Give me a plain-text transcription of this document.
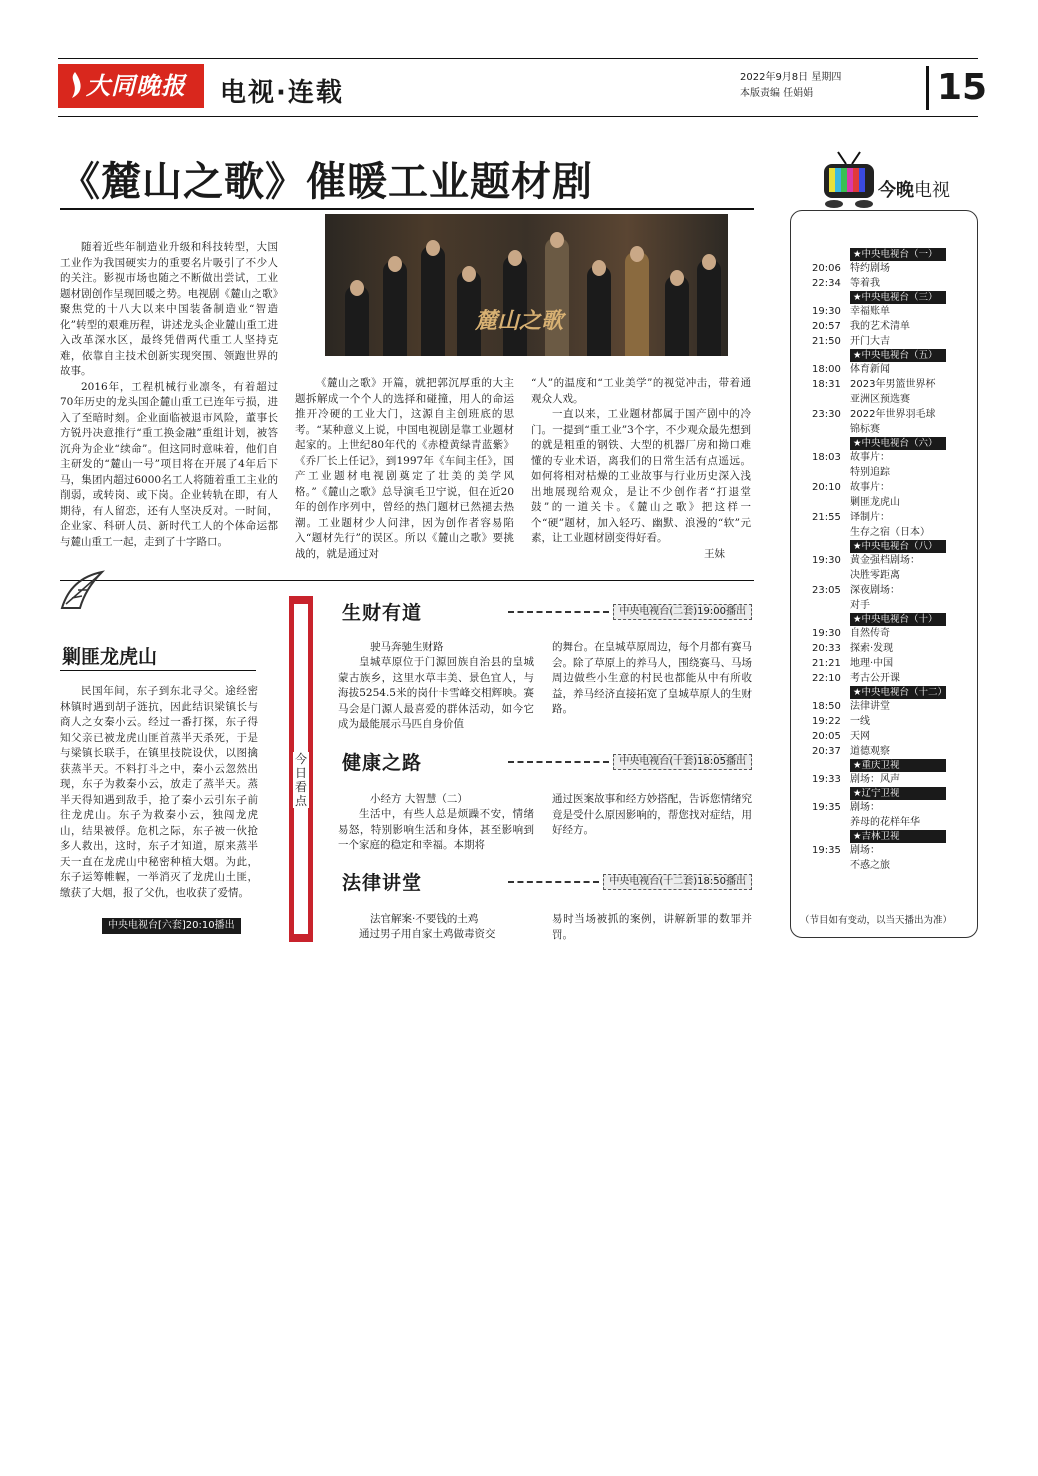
大同晚报	电视·连载
2022年9月8日 星期四
本版责编 任娟娟	15
《麓山之歌》催暖工业题材剧
麓山之歌

随着近些年制造业升级和科技转型，大国工业作为我国硬实力的重要名片吸引了不少人的关注。影视市场也随之不断做出尝试，工业题材剧创作呈现回暖之势。电视剧《麓山之歌》聚焦党的十八大以来中国装备制造业“智造化”转型的艰难历程，讲述龙头企业麓山重工进入改革深水区，最终凭借两代重工人坚持克难，依靠自主技术创新实现突围、领跑世界的故事。

2016年，工程机械行业凛冬，有着超过70年历史的龙头国企麓山重工已连年亏损，进入了至暗时刻。企业面临被退市风险，董事长方锐丹决意推行“重工换金融”重组计划，被答沉舟为企业“续命”。但这同时意味着，他们自主研发的“麓山一号”项目将在开展了4年后下马，集团内超过6000名工人将随着重工主业的削弱，或转岗、或下岗。企业转轨在即，有人期待，有人留恋，还有人坚决反对。一时间，企业家、科研人员、新时代工人的个体命运都与麓山重工一起，走到了十字路口。

《麓山之歌》开篇，就把郭沉厚重的大主题拆解成一个个人的选择和碰撞，用人的命运推开冷硬的工业大门，这源自主创班底的思考。“某种意义上说，中国电视剧是靠工业题材起家的。上世纪80年代的《赤橙黄绿青蓝紫》《乔厂长上任记》，到1997年《车间主任》，国产工业题材电视剧奠定了壮美的美学风格。”《麓山之歌》总导演毛卫宁说，但在近20年的创作序列中，曾经的热门题材已然褪去热潮。工业题材少人问津，因为创作者容易陷入“题材先行”的误区。所以《麓山之歌》要挑战的，就是通过对

“人”的温度和“工业美学”的视觉冲击，带着通观众人戏。

一直以来，工业题材都属于国产剧中的冷门。一提到“重工业”3个字，不少观众最先想到的就是粗重的钢铁、大型的机器厂房和拗口难懂的专业术语，离我们的日常生活有点遥远。如何将相对枯燥的工业故事与行业历史深入浅出地展现给观众，是让不少创作者“打退堂鼓”的一道关卡。《麓山之歌》把这样一个“硬”题材，加入轻巧、幽默、浪漫的“软”元素，让工业题材剧变得好看。

王妹
今晚电视
★中央电视台（一）
20:06 特约剧场
22:34 等着我
★中央电视台（三）
19:30 幸福账单
20:57 我的艺术清单
21:50 开门大吉
★中央电视台（五）
18:00 体育新闻
18:31 2023年男篮世界杯
亚洲区预选赛
23:30 2022年世界羽毛球
锦标赛
★中央电视台（六）
18:03 故事片：
特别追踪
20:10 故事片：
剿匪龙虎山
21:55 译制片：
生存之宿（日本）
★中央电视台（八）
19:30 黄金强档剧场：
决胜零距离
23:05 深夜剧场：
对手
★中央电视台（十）
19:30 自然传奇
20:33 探索·发现
21:21 地理·中国
22:10 考古公开课
★中央电视台（十二）
18:50 法律讲堂
19:22 一线
20:05 天网
20:37 道德观察
★重庆卫视
19:33 剧场：风声
★辽宁卫视
19:35 剧场：
养母的花样年华
★吉林卫视
19:35 剧场：
不惑之旅
（节目如有变动，以当天播出为准）
剿匪龙虎山

民国年间，东子到东北寻父。途经密林镇时遇到胡子涟抗，因此结识梁镇长与商人之女秦小云。经过一番打探，东子得知父亲已被龙虎山匪首蒸半天杀死，于是与梁镇长联手，在镇里技院设伏，以图擒获蒸半天。不料打斗之中，秦小云忽然出现，东子为救秦小云，放走了蒸半天。蒸半天得知遇到敌手，抢了秦小云引东子前往龙虎山。东子为救秦小云，独闯龙虎山，结果被俘。危机之际，东子被一伙抢多人救出，这时，东子才知道，原来蒸半天一直在龙虎山中秘密种植大烟。为此，东子运筹帷幄，一举消灭了龙虎山土匪，缴获了大烟，报了父仇，也收获了爱情。

中央电视台[六套]20:10播出
今日看点
生财有道	中央电视台(二套)19:00播出
驶马奔驰生财路

皇城草原位于门源回族自治县的皇城蒙古族乡，这里水草丰美、景色宜人，与海拔5254.5米的岗什卡雪峰交相辉映。赛马会是门源人最喜爱的群体活动，如今它成为最能展示马匹自身价值

的舞台。在皇城草原周边，每个月都有赛马会。除了草原上的养马人，围绕赛马、马场周边做些小生意的村民也都能从中有所收益，养马经济直接拓宽了皇城草原人的生财路。

健康之路	中央电视台(十套)18:05播出
小经方 大智慧（二）

生活中，有些人总是烦躁不安，情绪易怒，特别影响生活和身体，甚至影响到一个家庭的稳定和幸福。本期将

通过医案故事和经方妙搭配，告诉您情绪究竟是受什么原因影响的，帮您找对症结，用好经方。

法律讲堂	中央电视台(十二套)18:50播出
法官解案·不要钱的土鸡

通过男子用自家土鸡做毒资交

易时当场被抓的案例，讲解新罪的数罪并罚。
